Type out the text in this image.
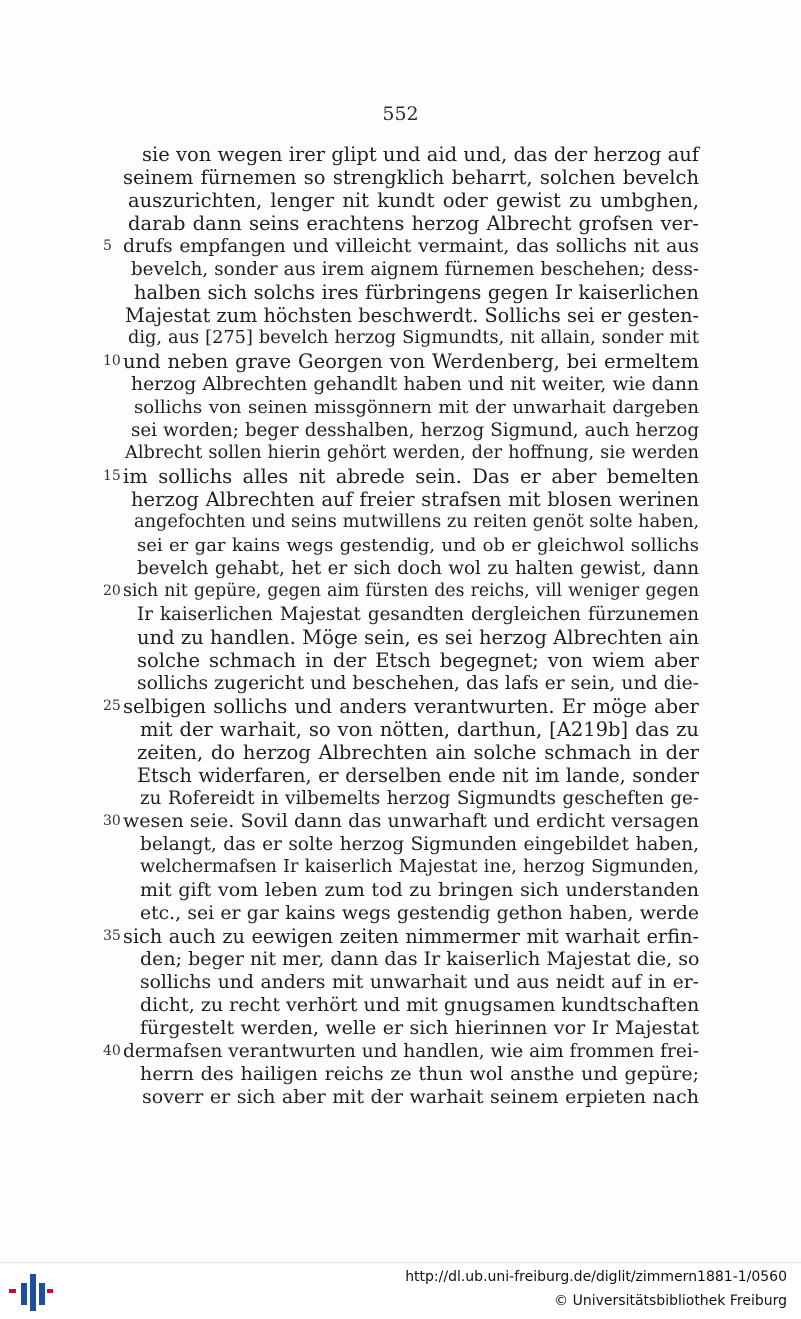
552
sie von wegen irer glipt und aid und, das der herzog auf
seinem fürnemen so strengklich beharrt, solchen bevelch
auszurichten, lenger nit kundt oder gewist zu umbghen,
darab dann seins erachtens herzog Albrecht grofsen ver-
5 drufs empfangen und villeicht vermaint, das sollichs nit aus
bevelch, sonder aus irem aignem fürnemen beschehen; dess-
halben sich solchs ires fürbringens gegen Ir kaiserlichen
Majestat zum höchsten beschwerdt. Sollichs sei er gesten-
dig, aus [275] bevelch herzog Sigmundts, nit allain, sonder mit
10 und neben grave Georgen von Werdenberg, bei ermeltem
herzog Albrechten gehandlt haben und nit weiter, wie dann
sollichs von seinen missgönnern mit der unwarhait dargeben
sei worden; beger desshalben, herzog Sigmund, auch herzog
Albrecht sollen hierin gehört werden, der hoffnung, sie werden
15 im sollichs alles nit abrede sein. Das er aber bemelten
herzog Albrechten auf freier strafsen mit blosen werinen
angefochten und seins mutwillens zu reiten genöt solte haben,
sei er gar kains wegs gestendig, und ob er gleichwol sollichs
bevelch gehabt, het er sich doch wol zu halten gewist, dann
20 sich nit gepüre, gegen aim fürsten des reichs, vill weniger gegen
Ir kaiserlichen Majestat gesandten dergleichen fürzunemen
und zu handlen. Möge sein, es sei herzog Albrechten ain
solche schmach in der Etsch begegnet; von wiem aber
sollichs zugericht und beschehen, das lafs er sein, und die-
25 selbigen sollichs und anders verantwurten. Er möge aber
mit der warhait, so von nötten, darthun, [A219b] das zu
zeiten, do herzog Albrechten ain solche schmach in der
Etsch widerfaren, er derselben ende nit im lande, sonder
zu Rofereidt in vilbemelts herzog Sigmundts gescheften ge-
30 wesen seie. Sovil dann das unwarhaft und erdicht versagen
belangt, das er solte herzog Sigmunden eingebildet haben,
welchermafsen Ir kaiserlich Majestat ine, herzog Sigmunden,
mit gift vom leben zum tod zu bringen sich understanden
etc., sei er gar kains wegs gestendig gethon haben, werde
35 sich auch zu eewigen zeiten nimmermer mit warhait erfin-
den; beger nit mer, dann das Ir kaiserlich Majestat die, so
sollichs und anders mit unwarhait und aus neidt auf in er-
dicht, zu recht verhört und mit gnugsamen kundtschaften
fürgestelt werden, welle er sich hierinnen vor Ir Majestat
40 dermafsen verantwurten und handlen, wie aim frommen frei-
herrn des hailigen reichs ze thun wol ansthe und gepüre;
soverr er sich aber mit der warhait seinem erpieten nach
http://dl.ub.uni-freiburg.de/diglit/zimmern1881-1/0560
© Universitätsbibliothek Freiburg
